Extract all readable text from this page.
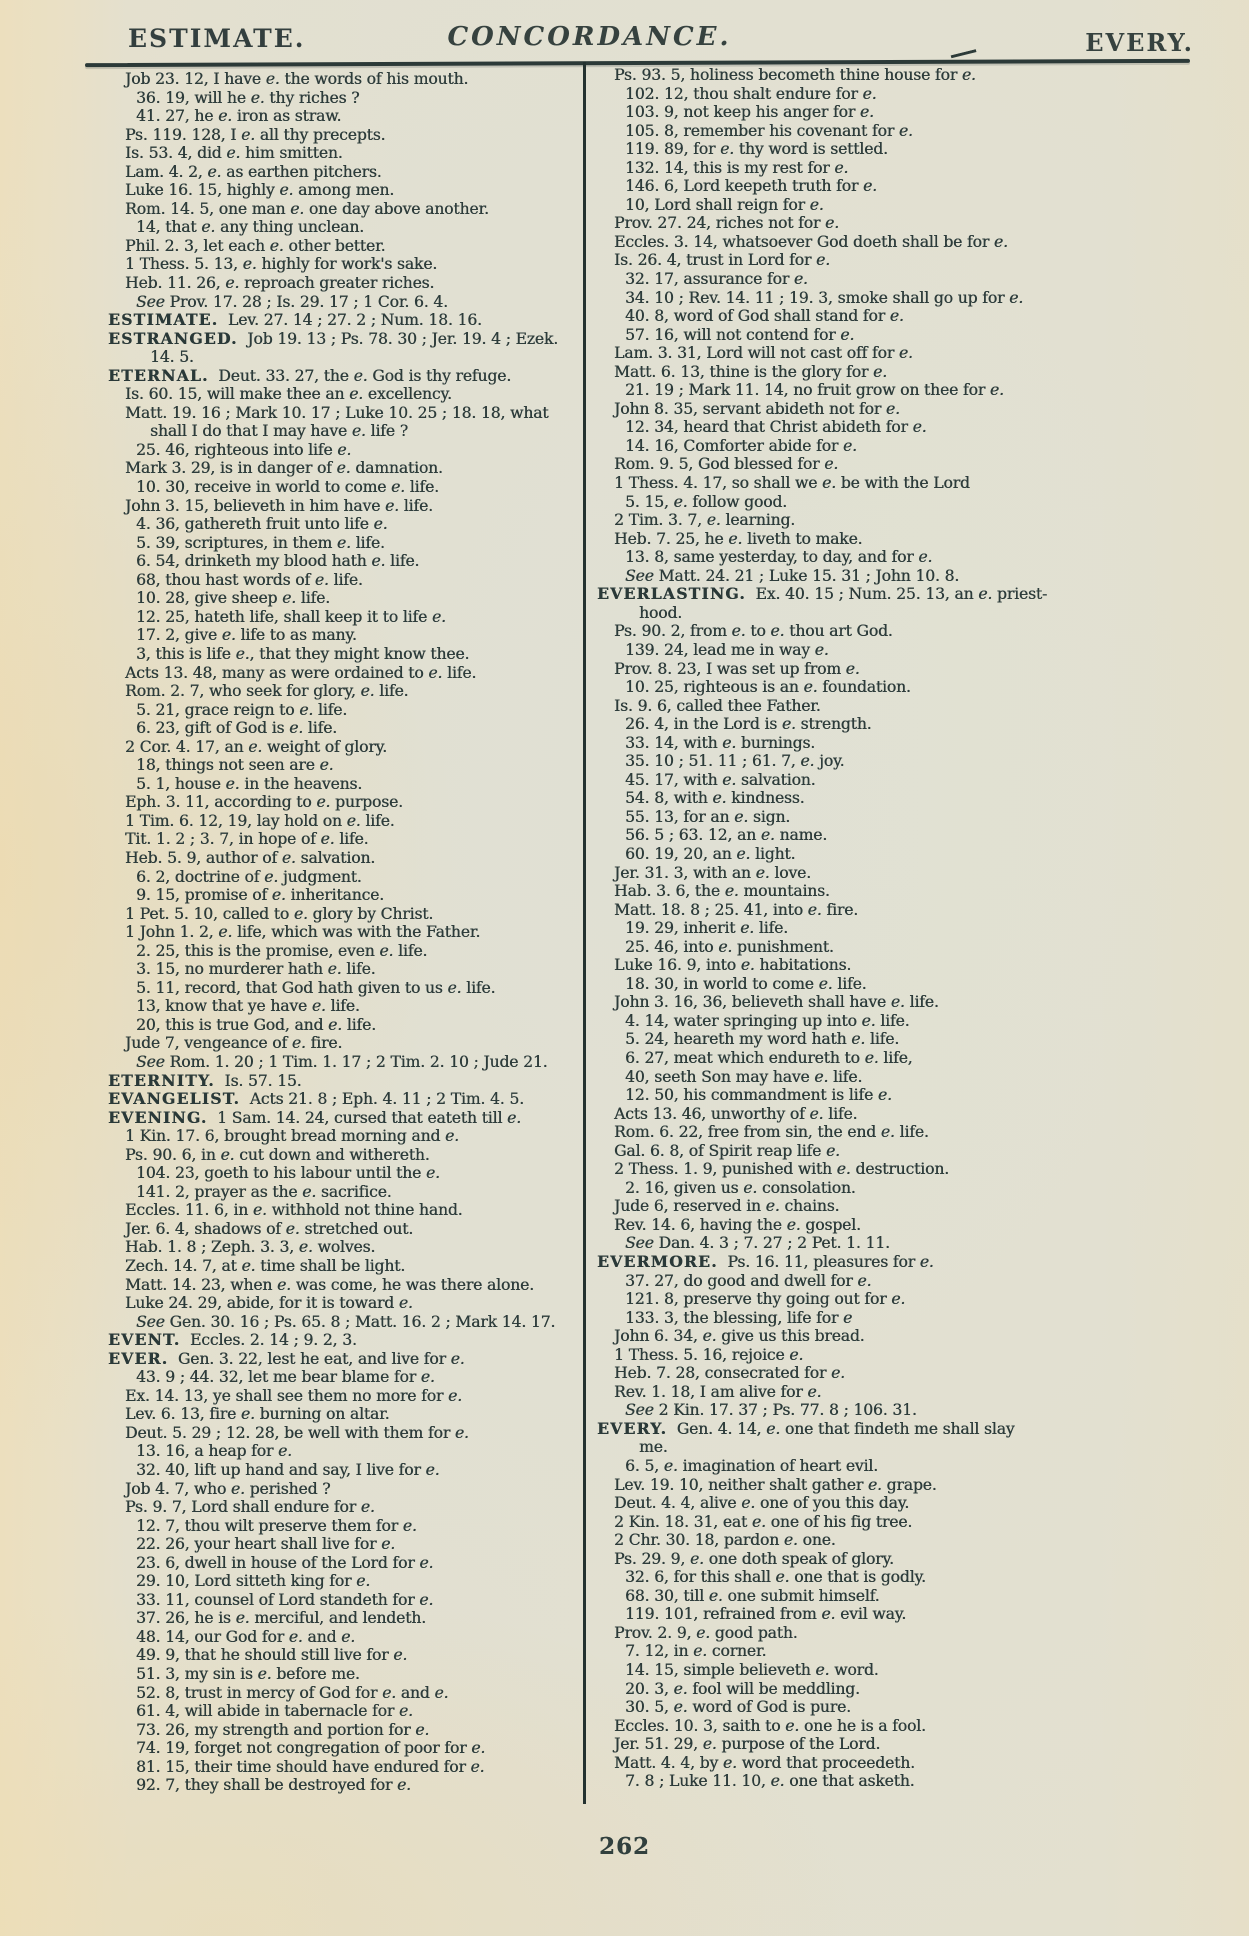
ESTIMATE.	CONCORDANCE.	EVERY.
Job 23. 12, I have e. the words of his mouth.
36. 19, will he e. thy riches ?
41. 27, he e. iron as straw.
Ps. 119. 128, I e. all thy precepts.
Is. 53. 4, did e. him smitten.
Lam. 4. 2, e. as earthen pitchers.
Luke 16. 15, highly e. among men.
Rom. 14. 5, one man e. one day above another.
14, that e. any thing unclean.
Phil. 2. 3, let each e. other better.
1 Thess. 5. 13, e. highly for work's sake.
Heb. 11. 26, e. reproach greater riches.
See Prov. 17. 28 ; Is. 29. 17 ; 1 Cor. 6. 4.
ESTIMATE.  Lev. 27. 14 ; 27. 2 ; Num. 18. 16.
ESTRANGED.  Job 19. 13 ; Ps. 78. 30 ; Jer. 19. 4 ; Ezek.
14. 5.
ETERNAL.  Deut. 33. 27, the e. God is thy refuge.
Is. 60. 15, will make thee an e. excellency.
Matt. 19. 16 ; Mark 10. 17 ; Luke 10. 25 ; 18. 18, what
shall I do that I may have e. life ?
25. 46, righteous into life e.
Mark 3. 29, is in danger of e. damnation.
10. 30, receive in world to come e. life.
John 3. 15, believeth in him have e. life.
4. 36, gathereth fruit unto life e.
5. 39, scriptures, in them e. life.
6. 54, drinketh my blood hath e. life.
68, thou hast words of e. life.
10. 28, give sheep e. life.
12. 25, hateth life, shall keep it to life e.
17. 2, give e. life to as many.
3, this is life e., that they might know thee.
Acts 13. 48, many as were ordained to e. life.
Rom. 2. 7, who seek for glory, e. life.
5. 21, grace reign to e. life.
6. 23, gift of God is e. life.
2 Cor. 4. 17, an e. weight of glory.
18, things not seen are e.
5. 1, house e. in the heavens.
Eph. 3. 11, according to e. purpose.
1 Tim. 6. 12, 19, lay hold on e. life.
Tit. 1. 2 ; 3. 7, in hope of e. life.
Heb. 5. 9, author of e. salvation.
6. 2, doctrine of e. judgment.
9. 15, promise of e. inheritance.
1 Pet. 5. 10, called to e. glory by Christ.
1 John 1. 2, e. life, which was with the Father.
2. 25, this is the promise, even e. life.
3. 15, no murderer hath e. life.
5. 11, record, that God hath given to us e. life.
13, know that ye have e. life.
20, this is true God, and e. life.
Jude 7, vengeance of e. fire.
See Rom. 1. 20 ; 1 Tim. 1. 17 ; 2 Tim. 2. 10 ; Jude 21.
ETERNITY.  Is. 57. 15.
EVANGELIST.  Acts 21. 8 ; Eph. 4. 11 ; 2 Tim. 4. 5.
EVENING.  1 Sam. 14. 24, cursed that eateth till e.
1 Kin. 17. 6, brought bread morning and e.
Ps. 90. 6, in e. cut down and withereth.
104. 23, goeth to his labour until the e.
141. 2, prayer as the e. sacrifice.
Eccles. 11. 6, in e. withhold not thine hand.
Jer. 6. 4, shadows of e. stretched out.
Hab. 1. 8 ; Zeph. 3. 3, e. wolves.
Zech. 14. 7, at e. time shall be light.
Matt. 14. 23, when e. was come, he was there alone.
Luke 24. 29, abide, for it is toward e.
See Gen. 30. 16 ; Ps. 65. 8 ; Matt. 16. 2 ; Mark 14. 17.
EVENT.  Eccles. 2. 14 ; 9. 2, 3.
EVER.  Gen. 3. 22, lest he eat, and live for e.
43. 9 ; 44. 32, let me bear blame for e.
Ex. 14. 13, ye shall see them no more for e.
Lev. 6. 13, fire e. burning on altar.
Deut. 5. 29 ; 12. 28, be well with them for e.
13. 16, a heap for e.
32. 40, lift up hand and say, I live for e.
Job 4. 7, who e. perished ?
Ps. 9. 7, Lord shall endure for e.
12. 7, thou wilt preserve them for e.
22. 26, your heart shall live for e.
23. 6, dwell in house of the Lord for e.
29. 10, Lord sitteth king for e.
33. 11, counsel of Lord standeth for e.
37. 26, he is e. merciful, and lendeth.
48. 14, our God for e. and e.
49. 9, that he should still live for e.
51. 3, my sin is e. before me.
52. 8, trust in mercy of God for e. and e.
61. 4, will abide in tabernacle for e.
73. 26, my strength and portion for e.
74. 19, forget not congregation of poor for e.
81. 15, their time should have endured for e.
92. 7, they shall be destroyed for e.
Ps. 93. 5, holiness becometh thine house for e.
102. 12, thou shalt endure for e.
103. 9, not keep his anger for e.
105. 8, remember his covenant for e.
119. 89, for e. thy word is settled.
132. 14, this is my rest for e.
146. 6, Lord keepeth truth for e.
10, Lord shall reign for e.
Prov. 27. 24, riches not for e.
Eccles. 3. 14, whatsoever God doeth shall be for e.
Is. 26. 4, trust in Lord for e.
32. 17, assurance for e.
34. 10 ; Rev. 14. 11 ; 19. 3, smoke shall go up for e.
40. 8, word of God shall stand for e.
57. 16, will not contend for e.
Lam. 3. 31, Lord will not cast off for e.
Matt. 6. 13, thine is the glory for e.
21. 19 ; Mark 11. 14, no fruit grow on thee for e.
John 8. 35, servant abideth not for e.
12. 34, heard that Christ abideth for e.
14. 16, Comforter abide for e.
Rom. 9. 5, God blessed for e.
1 Thess. 4. 17, so shall we e. be with the Lord
5. 15, e. follow good.
2 Tim. 3. 7, e. learning.
Heb. 7. 25, he e. liveth to make.
13. 8, same yesterday, to day, and for e.
See Matt. 24. 21 ; Luke 15. 31 ; John 10. 8.
EVERLASTING.  Ex. 40. 15 ; Num. 25. 13, an e. priest-
hood.
Ps. 90. 2, from e. to e. thou art God.
139. 24, lead me in way e.
Prov. 8. 23, I was set up from e.
10. 25, righteous is an e. foundation.
Is. 9. 6, called thee Father.
26. 4, in the Lord is e. strength.
33. 14, with e. burnings.
35. 10 ; 51. 11 ; 61. 7, e. joy.
45. 17, with e. salvation.
54. 8, with e. kindness.
55. 13, for an e. sign.
56. 5 ; 63. 12, an e. name.
60. 19, 20, an e. light.
Jer. 31. 3, with an e. love.
Hab. 3. 6, the e. mountains.
Matt. 18. 8 ; 25. 41, into e. fire.
19. 29, inherit e. life.
25. 46, into e. punishment.
Luke 16. 9, into e. habitations.
18. 30, in world to come e. life.
John 3. 16, 36, believeth shall have e. life.
4. 14, water springing up into e. life.
5. 24, heareth my word hath e. life.
6. 27, meat which endureth to e. life,
40, seeth Son may have e. life.
12. 50, his commandment is life e.
Acts 13. 46, unworthy of e. life.
Rom. 6. 22, free from sin, the end e. life.
Gal. 6. 8, of Spirit reap life e.
2 Thess. 1. 9, punished with e. destruction.
2. 16, given us e. consolation.
Jude 6, reserved in e. chains.
Rev. 14. 6, having the e. gospel.
See Dan. 4. 3 ; 7. 27 ; 2 Pet. 1. 11.
EVERMORE.  Ps. 16. 11, pleasures for e.
37. 27, do good and dwell for e.
121. 8, preserve thy going out for e.
133. 3, the blessing, life for e
John 6. 34, e. give us this bread.
1 Thess. 5. 16, rejoice e.
Heb. 7. 28, consecrated for e.
Rev. 1. 18, I am alive for e.
See 2 Kin. 17. 37 ; Ps. 77. 8 ; 106. 31.
EVERY.  Gen. 4. 14, e. one that findeth me shall slay
me.
6. 5, e. imagination of heart evil.
Lev. 19. 10, neither shalt gather e. grape.
Deut. 4. 4, alive e. one of you this day.
2 Kin. 18. 31, eat e. one of his fig tree.
2 Chr. 30. 18, pardon e. one.
Ps. 29. 9, e. one doth speak of glory.
32. 6, for this shall e. one that is godly.
68. 30, till e. one submit himself.
119. 101, refrained from e. evil way.
Prov. 2. 9, e. good path.
7. 12, in e. corner.
14. 15, simple believeth e. word.
20. 3, e. fool will be meddling.
30. 5, e. word of God is pure.
Eccles. 10. 3, saith to e. one he is a fool.
Jer. 51. 29, e. purpose of the Lord.
Matt. 4. 4, by e. word that proceedeth.
7. 8 ; Luke 11. 10, e. one that asketh.
262
